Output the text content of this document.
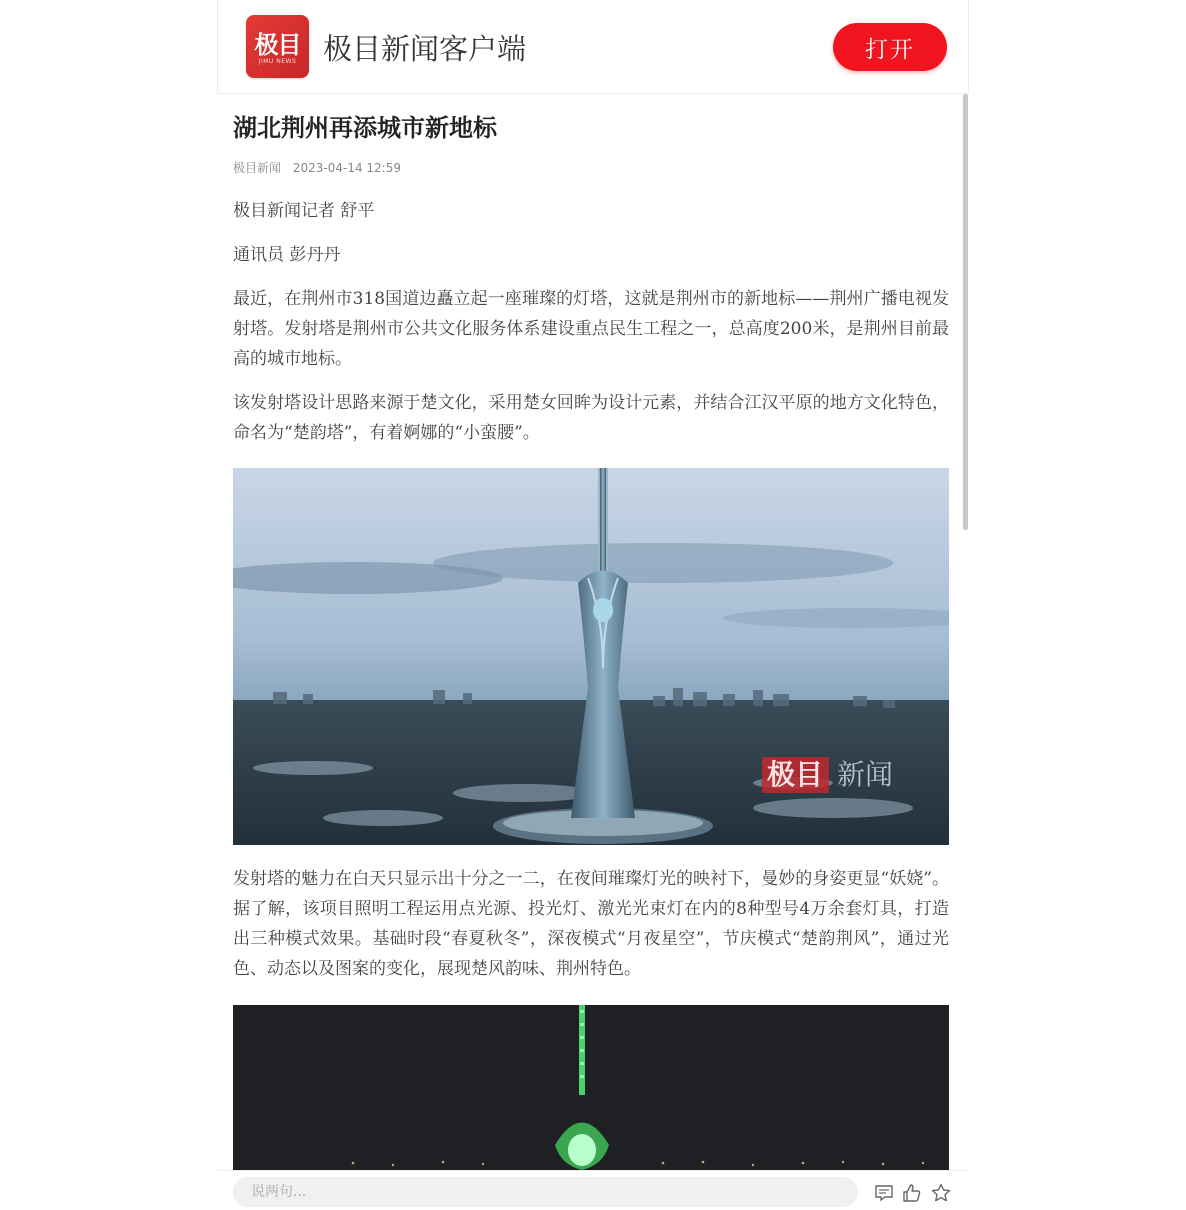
极目
JIMU NEWS 极目新闻客户端	打开
湖北荆州再添城市新地标
极目新闻 2023-04-14 12:59

极目新闻记者 舒平

通讯员 彭丹丹

最近，在荆州市318国道边矗立起一座璀璨的灯塔，这就是荆州市的新地标——荆州广播电视发射塔。发射塔是荆州市公共文化服务体系建设重点民生工程之一，总高度200米，是荆州目前最高的城市地标。

该发射塔设计思路来源于楚文化，采用楚女回眸为设计元素，并结合江汉平原的地方文化特色，命名为“楚韵塔”，有着婀娜的“小蛮腰”。

极目 新闻

发射塔的魅力在白天只显示出十分之一二，在夜间璀璨灯光的映衬下，曼妙的身姿更显“妖娆”。据了解，该项目照明工程运用点光源、投光灯、激光光束灯在内的8种型号4万余套灯具，打造出三种模式效果。基础时段“春夏秋冬”，深夜模式“月夜星空”，节庆模式“楚韵荆风”，通过光色、动态以及图案的变化，展现楚风韵味、荆州特色。

说两句...
